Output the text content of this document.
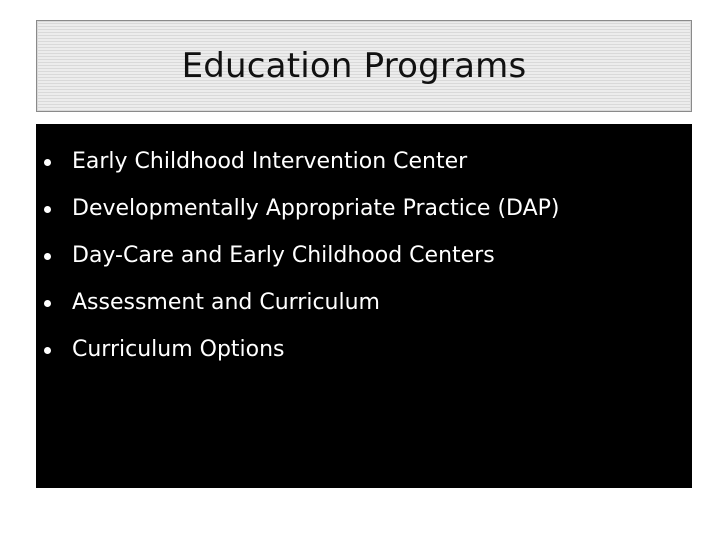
Education Programs
Early Childhood Intervention Center
Developmentally Appropriate Practice (DAP)
Day-Care and Early Childhood Centers
Assessment and Curriculum
Curriculum Options
